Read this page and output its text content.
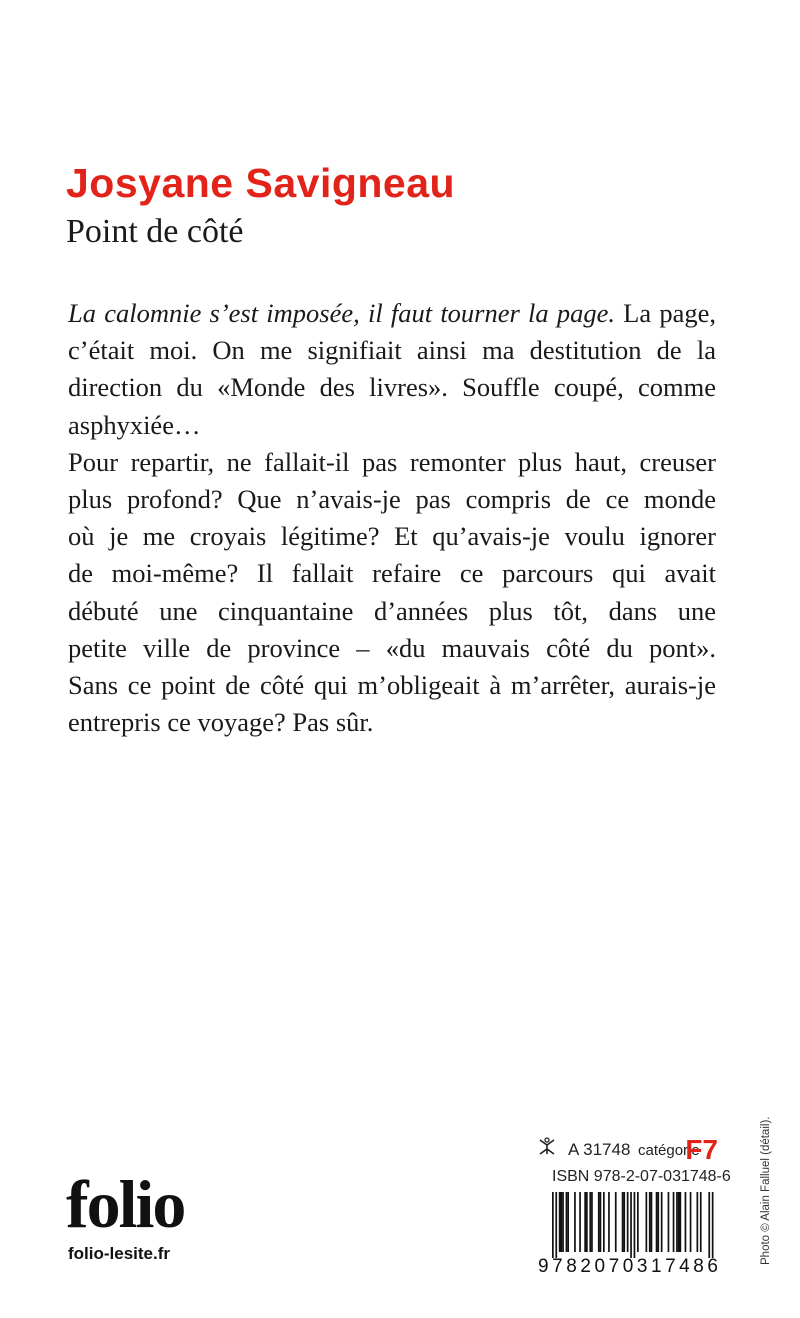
Josyane Savigneau
Point de côté
La calomnie s’est imposée, il faut tourner la page. La page,
c’était moi. On me signifiait ainsi ma destitution de la
direction du «Monde des livres». Souffle coupé, comme
asphyxiée…
Pour repartir, ne fallait-il pas remonter plus haut, creuser
plus profond? Que n’avais-je pas compris de ce monde
où je me croyais légitime? Et qu’avais-je voulu ignorer
de moi-même? Il fallait refaire ce parcours qui avait
débuté une cinquantaine d’années plus tôt, dans une
petite ville de province – «du mauvais côté du pont».
Sans ce point de côté qui m’obligeait à m’arrêter, aurais-je
entrepris ce voyage? Pas sûr.
A 31748 catégorie
F7
ISBN 978-2-07-031748-6
9782070317486
folio
folio-lesite.fr	Photo © Alain Falluel (détail).
